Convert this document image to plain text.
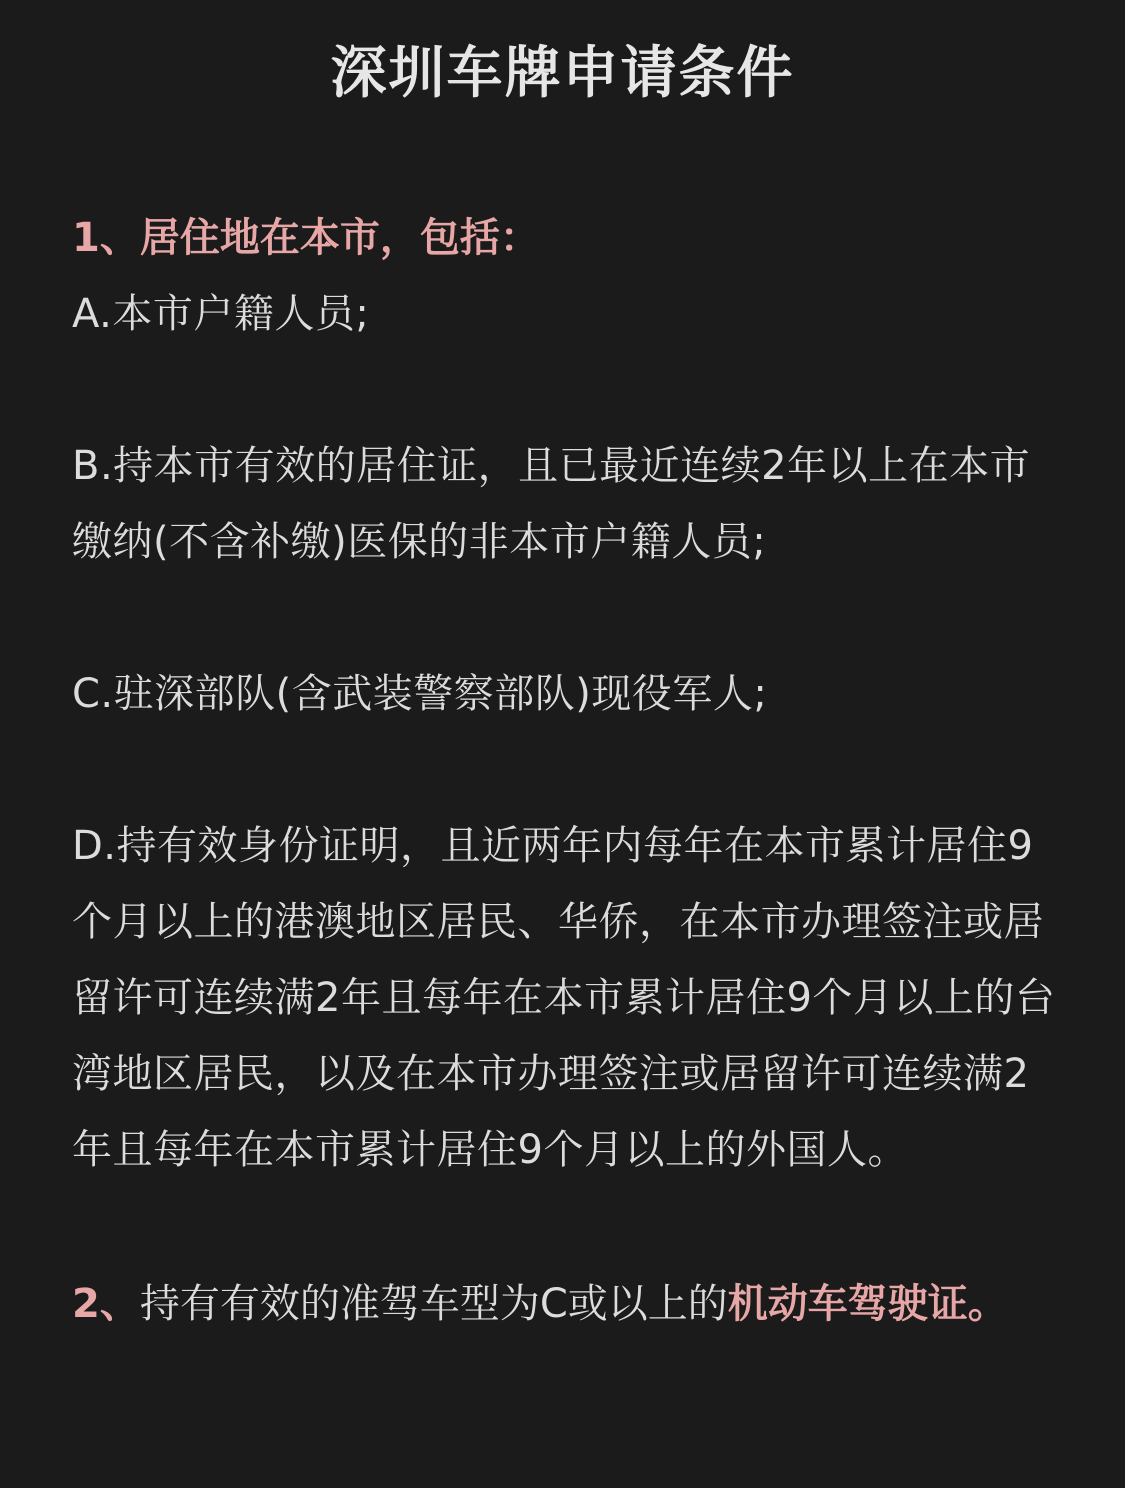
深圳车牌申请条件

1、居住地在本市，包括：

A.本市户籍人员;

B.持本市有效的居住证，且已最近连续2年以上在本市缴纳(不含补缴)医保的非本市户籍人员;

C.驻深部队(含武装警察部队)现役军人;

D.持有效身份证明，且近两年内每年在本市累计居住9个月以上的港澳地区居民、华侨，在本市办理签注或居留许可连续满2年且每年在本市累计居住9个月以上的台湾地区居民，以及在本市办理签注或居留许可连续满2年且每年在本市累计居住9个月以上的外国人。

2、持有有效的准驾车型为C或以上的机动车驾驶证。
